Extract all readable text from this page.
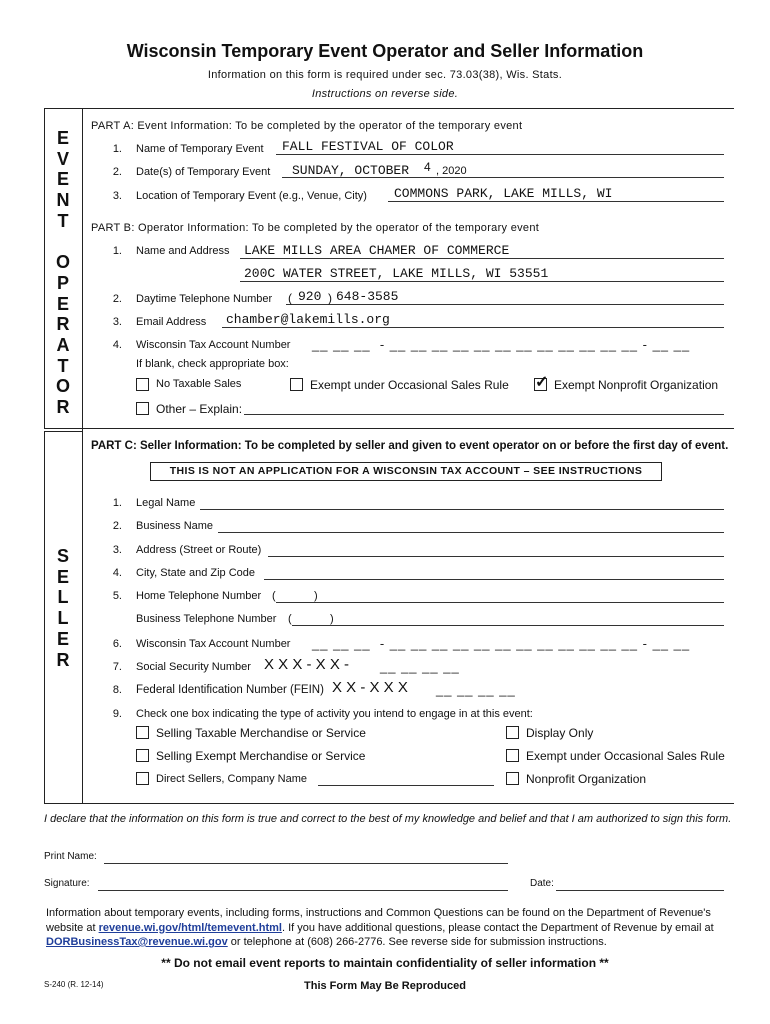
Wisconsin Temporary Event Operator and Seller Information
Information on this form is required under sec. 73.03(38), Wis. Stats.
Instructions on reverse side.
E
V
E
N
T

O
P
E
R
A
T
O
R
S
E
L
L
E
R
PART A: Event Information: To be completed by the operator of the temporary event
1. Name of Temporary Event FALL FESTIVAL OF COLOR
2. Date(s) of Temporary Event SUNDAY, OCTOBER 4 , 2020
3. Location of Temporary Event (e.g., Venue, City) COMMONS PARK, LAKE MILLS, WI
PART B: Operator Information: To be completed by the operator of the temporary event
1. Name and Address LAKE MILLS AREA CHAMER OF COMMERCE
200C WATER STREET, LAKE MILLS, WI 53551
2. Daytime Telephone Number ( 920 ) 648-3585
3. Email Address chamber@lakemills.org
4. Wisconsin Tax Account Number __ __ __  - __ __ __ __ __ __ __ __ __ __ __ __ - __ __
If blank, check appropriate box:
No Taxable Sales	Exempt under Occasional Sales Rule ✓ Exempt Nonprofit Organization
Other – Explain:
PART C: Seller Information: To be completed by seller and given to event operator on or before the first day of event.
THIS IS NOT AN APPLICATION FOR A WISCONSIN TAX ACCOUNT – SEE INSTRUCTIONS
1. Legal Name
2. Business Name
3. Address (Street or Route)
4. City, State and Zip Code
5. Home Telephone Number (	)
Business Telephone Number (	)
6. Wisconsin Tax Account Number __ __ __  - __ __ __ __ __ __ __ __ __ __ __ __ - __ __
7. Social Security Number X X X - X X - __ __ __ __
8. Federal Identification Number (FEIN) X X - X X X __ __ __ __
9. Check one box indicating the type of activity you intend to engage in at this event:
Selling Taxable Merchandise or Service	Display Only
Selling Exempt Merchandise or Service	Exempt under Occasional Sales Rule
Direct Sellers, Company Name	Nonprofit Organization
I declare that the information on this form is true and correct to the best of my knowledge and belief and that I am authorized to sign this form.
Print Name:
Signature:	Date:
Information about temporary events, including forms, instructions and Common Questions can be found on the Department of Revenue's website at revenue.wi.gov/html/temevent.html. If you have additional questions, please contact the Department of Revenue by email at DORBusinessTax@revenue.wi.gov or telephone at (608) 266-2776. See reverse side for submission instructions.
** Do not email event reports to maintain confidentiality of seller information **
S-240 (R. 12-14)	This Form May Be Reproduced
